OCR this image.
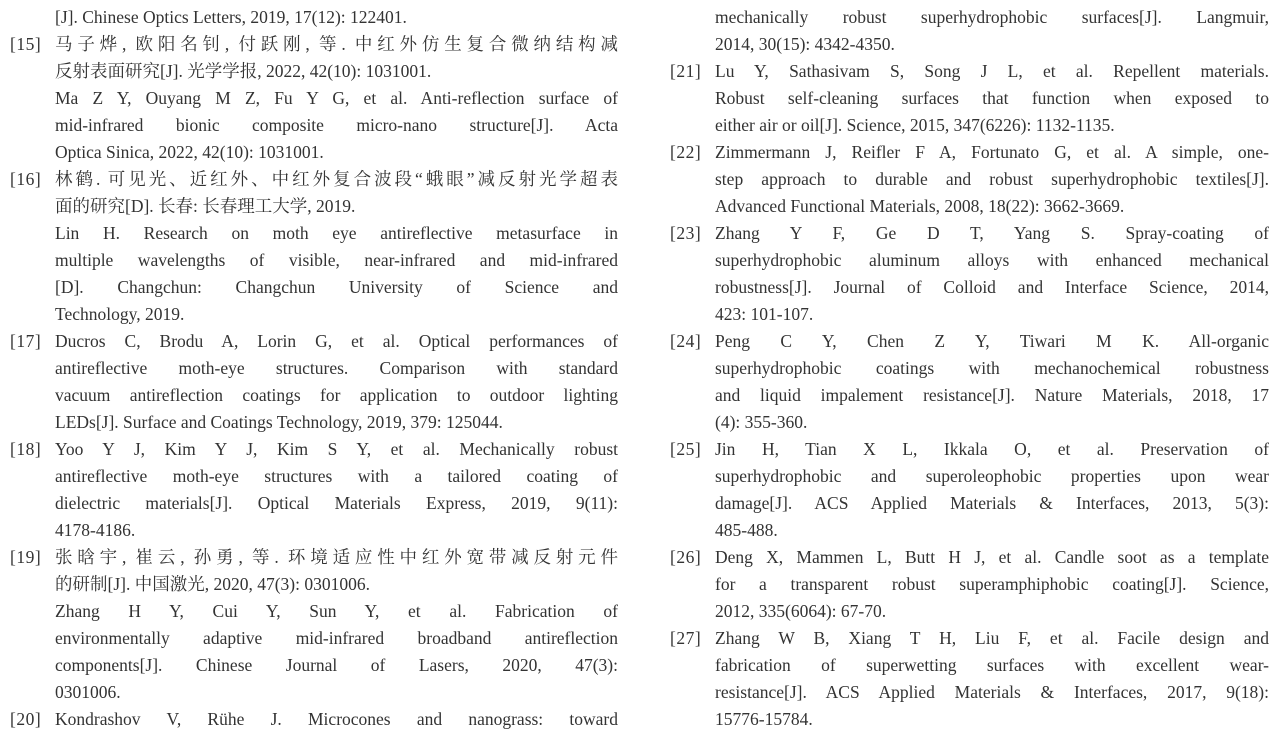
[J]. Chinese Optics Letters, 2019, 17(12): 122401.
[15] 马子烨, 欧阳名钊, 付跃刚, 等. 中红外仿生复合微纳结构减
反射表面研究[J]. 光学学报, 2022, 42(10): 1031001.
Ma Z Y, Ouyang M Z, Fu Y G, et al. Anti-reflection surface of
mid-infrared bionic composite micro-nano structure[J]. Acta
Optica Sinica, 2022, 42(10): 1031001.
[16] 林鹤. 可见光、近红外、中红外复合波段“蛾眼”减反射光学超表
面的研究[D]. 长春: 长春理工大学, 2019.
Lin H. Research on moth eye antireflective metasurface in
multiple wavelengths of visible, near-infrared and mid-infrared
[D]. Changchun: Changchun University of Science and
Technology, 2019.
[17] Ducros C, Brodu A, Lorin G, et al. Optical performances of
antireflective moth-eye structures. Comparison with standard
vacuum antireflection coatings for application to outdoor lighting
LEDs[J]. Surface and Coatings Technology, 2019, 379: 125044.
[18] Yoo Y J, Kim Y J, Kim S Y, et al. Mechanically robust
antireflective moth-eye structures with a tailored coating of
dielectric materials[J]. Optical Materials Express, 2019, 9(11):
4178-4186.
[19] 张晗宇, 崔云, 孙勇, 等. 环境适应性中红外宽带减反射元件
的研制[J]. 中国激光, 2020, 47(3): 0301006.
Zhang H Y, Cui Y, Sun Y, et al. Fabrication of
environmentally adaptive mid-infrared broadband antireflection
components[J]. Chinese Journal of Lasers, 2020, 47(3):
0301006.
[20] Kondrashov V, Rühe J. Microcones and nanograss: toward
mechanically robust superhydrophobic surfaces[J]. Langmuir,
2014, 30(15): 4342-4350.
[21] Lu Y, Sathasivam S, Song J L, et al. Repellent materials.
Robust self-cleaning surfaces that function when exposed to
either air or oil[J]. Science, 2015, 347(6226): 1132-1135.
[22] Zimmermann J, Reifler F A, Fortunato G, et al. A simple, one-
step approach to durable and robust superhydrophobic textiles[J].
Advanced Functional Materials, 2008, 18(22): 3662-3669.
[23] Zhang Y F, Ge D T, Yang S. Spray-coating of
superhydrophobic aluminum alloys with enhanced mechanical
robustness[J]. Journal of Colloid and Interface Science, 2014,
423: 101-107.
[24] Peng C Y, Chen Z Y, Tiwari M K. All-organic
superhydrophobic coatings with mechanochemical robustness
and liquid impalement resistance[J]. Nature Materials, 2018, 17
(4): 355-360.
[25] Jin H, Tian X L, Ikkala O, et al. Preservation of
superhydrophobic and superoleophobic properties upon wear
damage[J]. ACS Applied Materials & Interfaces, 2013, 5(3):
485-488.
[26] Deng X, Mammen L, Butt H J, et al. Candle soot as a template
for a transparent robust superamphiphobic coating[J]. Science,
2012, 335(6064): 67-70.
[27] Zhang W B, Xiang T H, Liu F, et al. Facile design and
fabrication of superwetting surfaces with excellent wear-
resistance[J]. ACS Applied Materials & Interfaces, 2017, 9(18):
15776-15784.
